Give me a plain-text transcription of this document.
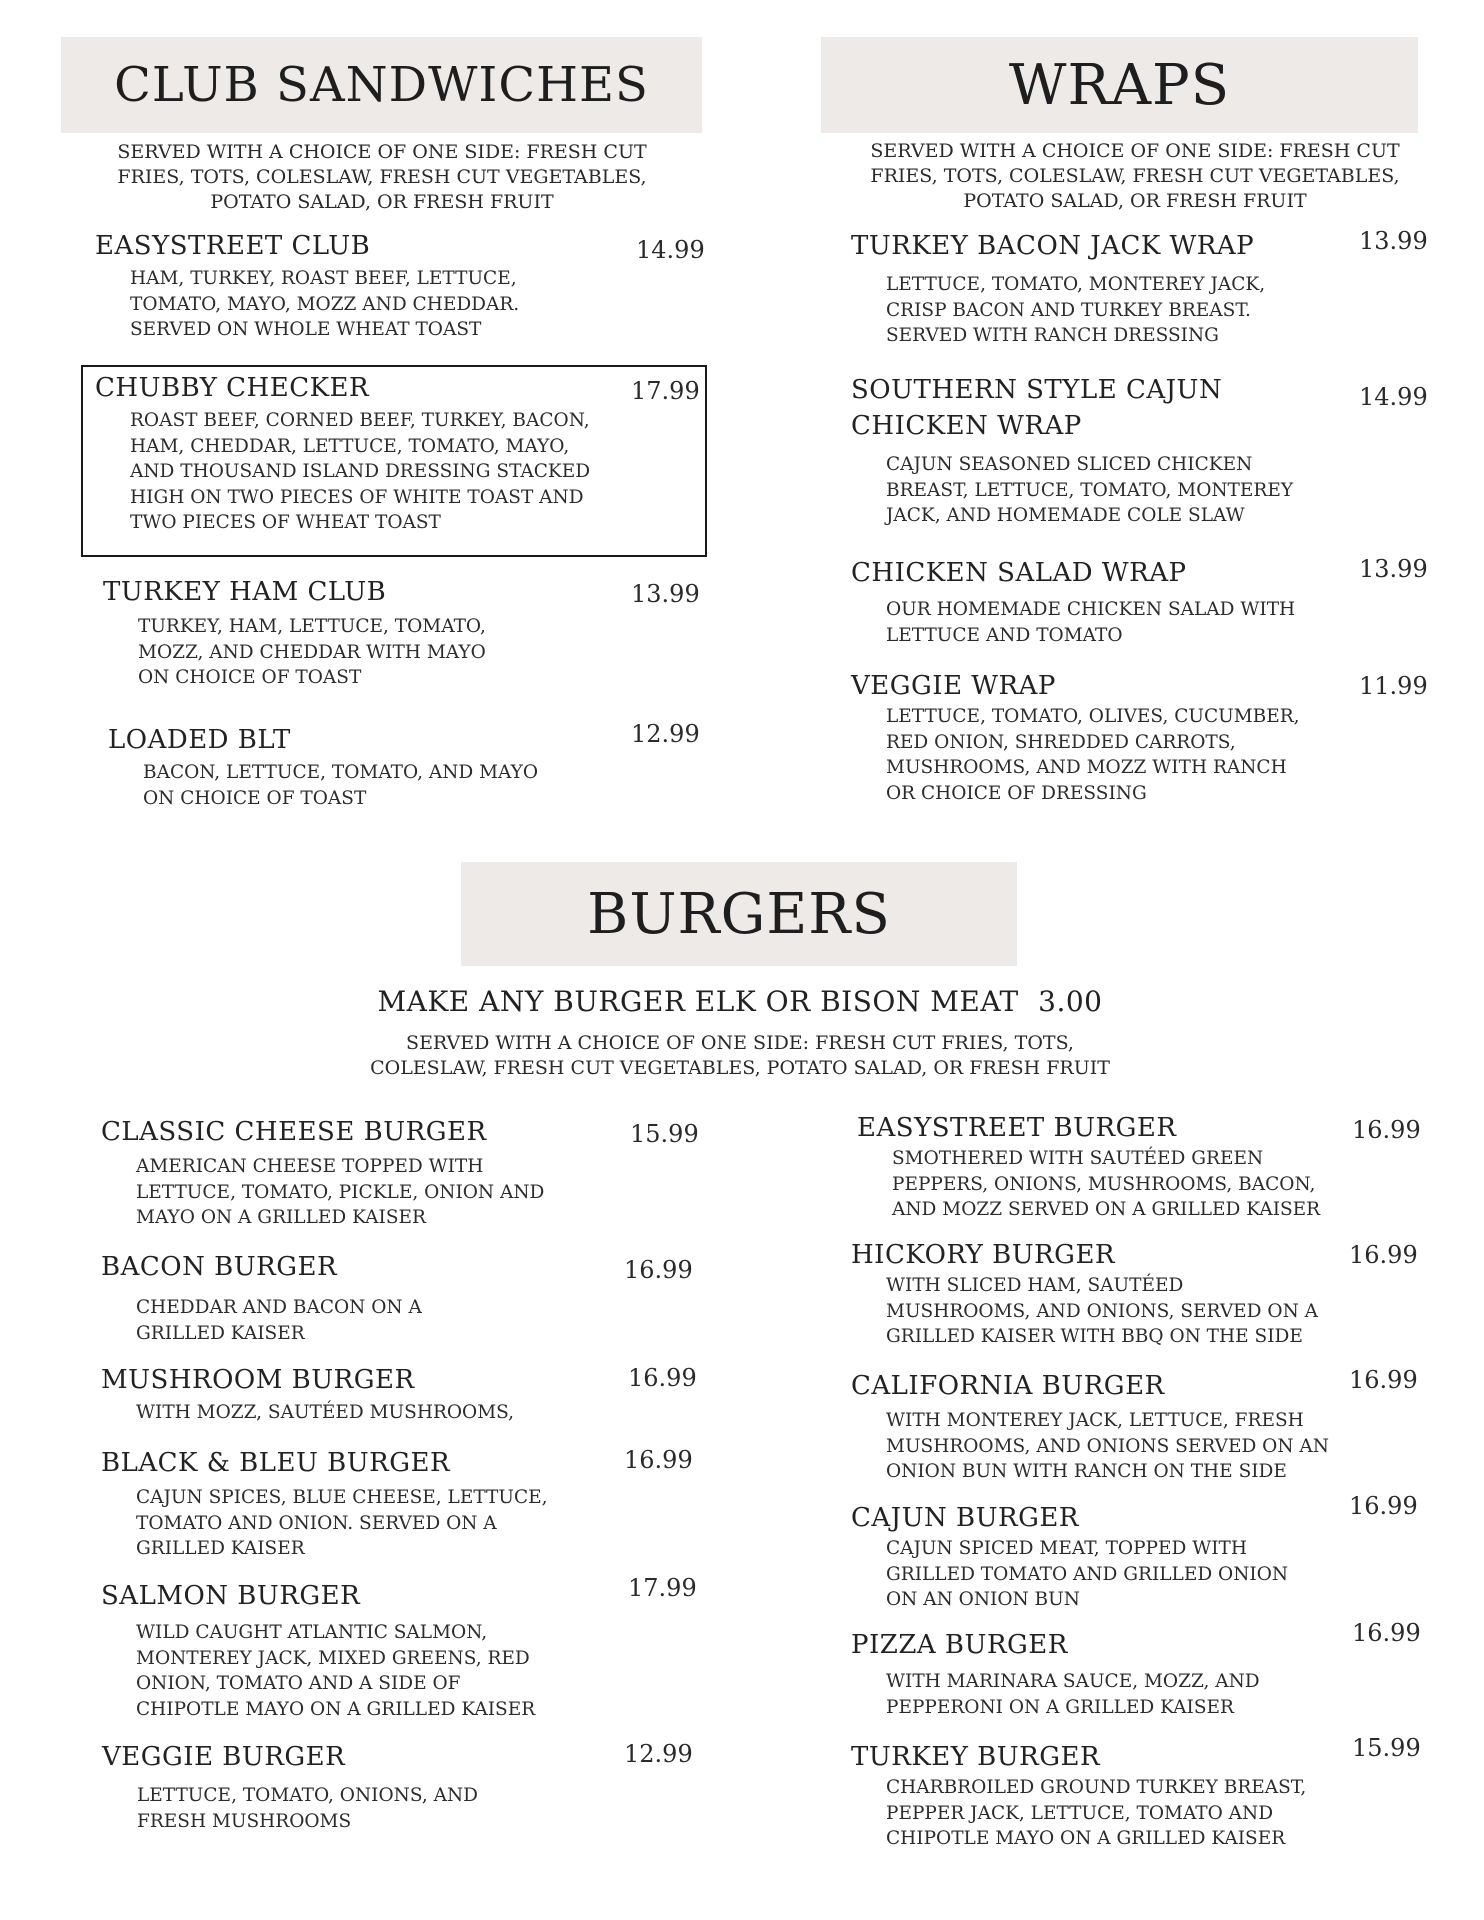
CLUB SANDWICHES
SERVED WITH A CHOICE OF ONE SIDE: FRESH CUT
FRIES, TOTS, COLESLAW, FRESH CUT VEGETABLES,
POTATO SALAD, OR FRESH FRUIT
EASYSTREET CLUB
HAM, TURKEY, ROAST BEEF, LETTUCE,
TOMATO, MAYO, MOZZ AND CHEDDAR.
SERVED ON WHOLE WHEAT TOAST
14.99
CHUBBY CHECKER
ROAST BEEF, CORNED BEEF, TURKEY, BACON,
HAM, CHEDDAR, LETTUCE, TOMATO, MAYO,
AND THOUSAND ISLAND DRESSING STACKED
HIGH ON TWO PIECES OF WHITE TOAST AND
TWO PIECES OF WHEAT TOAST
17.99
TURKEY HAM CLUB
TURKEY, HAM, LETTUCE, TOMATO,
MOZZ, AND CHEDDAR WITH MAYO
ON CHOICE OF TOAST
13.99
LOADED BLT
BACON, LETTUCE, TOMATO, AND MAYO
ON CHOICE OF TOAST
12.99
WRAPS
SERVED WITH A CHOICE OF ONE SIDE: FRESH CUT
FRIES, TOTS, COLESLAW, FRESH CUT VEGETABLES,
POTATO SALAD, OR FRESH FRUIT
TURKEY BACON JACK WRAP
LETTUCE, TOMATO, MONTEREY JACK,
CRISP BACON AND TURKEY BREAST.
SERVED WITH RANCH DRESSING
13.99
SOUTHERN STYLE CAJUN
CHICKEN WRAP
CAJUN SEASONED SLICED CHICKEN
BREAST, LETTUCE, TOMATO, MONTEREY
JACK, AND HOMEMADE COLE SLAW
14.99
CHICKEN SALAD WRAP
OUR HOMEMADE CHICKEN SALAD WITH
LETTUCE AND TOMATO
13.99
VEGGIE WRAP
LETTUCE, TOMATO, OLIVES, CUCUMBER,
RED ONION, SHREDDED CARROTS,
MUSHROOMS, AND MOZZ WITH RANCH
OR CHOICE OF DRESSING
11.99
BURGERS
MAKE ANY BURGER ELK OR BISON MEAT 3.00
SERVED WITH A CHOICE OF ONE SIDE: FRESH CUT FRIES, TOTS,
COLESLAW, FRESH CUT VEGETABLES, POTATO SALAD, OR FRESH FRUIT
CLASSIC CHEESE BURGER
AMERICAN CHEESE TOPPED WITH
LETTUCE, TOMATO, PICKLE, ONION AND
MAYO ON A GRILLED KAISER
15.99
BACON BURGER
CHEDDAR AND BACON ON A
GRILLED KAISER
16.99
MUSHROOM BURGER
WITH MOZZ, SAUTÉED MUSHROOMS,
16.99
BLACK & BLEU BURGER
CAJUN SPICES, BLUE CHEESE, LETTUCE,
TOMATO AND ONION. SERVED ON A
GRILLED KAISER
16.99
SALMON BURGER
WILD CAUGHT ATLANTIC SALMON,
MONTEREY JACK, MIXED GREENS, RED
ONION, TOMATO AND A SIDE OF
CHIPOTLE MAYO ON A GRILLED KAISER
17.99
VEGGIE BURGER
LETTUCE, TOMATO, ONIONS, AND
FRESH MUSHROOMS
12.99
EASYSTREET BURGER
SMOTHERED WITH SAUTÉED GREEN
PEPPERS, ONIONS, MUSHROOMS, BACON,
AND MOZZ SERVED ON A GRILLED KAISER
16.99
HICKORY BURGER
WITH SLICED HAM, SAUTÉED
MUSHROOMS, AND ONIONS, SERVED ON A
GRILLED KAISER WITH BBQ ON THE SIDE
16.99
CALIFORNIA BURGER
WITH MONTEREY JACK, LETTUCE, FRESH
MUSHROOMS, AND ONIONS SERVED ON AN
ONION BUN WITH RANCH ON THE SIDE
16.99
CAJUN BURGER
CAJUN SPICED MEAT, TOPPED WITH
GRILLED TOMATO AND GRILLED ONION
ON AN ONION BUN
16.99
PIZZA BURGER
WITH MARINARA SAUCE, MOZZ, AND
PEPPERONI ON A GRILLED KAISER
16.99
TURKEY BURGER
CHARBROILED GROUND TURKEY BREAST,
PEPPER JACK, LETTUCE, TOMATO AND
CHIPOTLE MAYO ON A GRILLED KAISER
15.99
